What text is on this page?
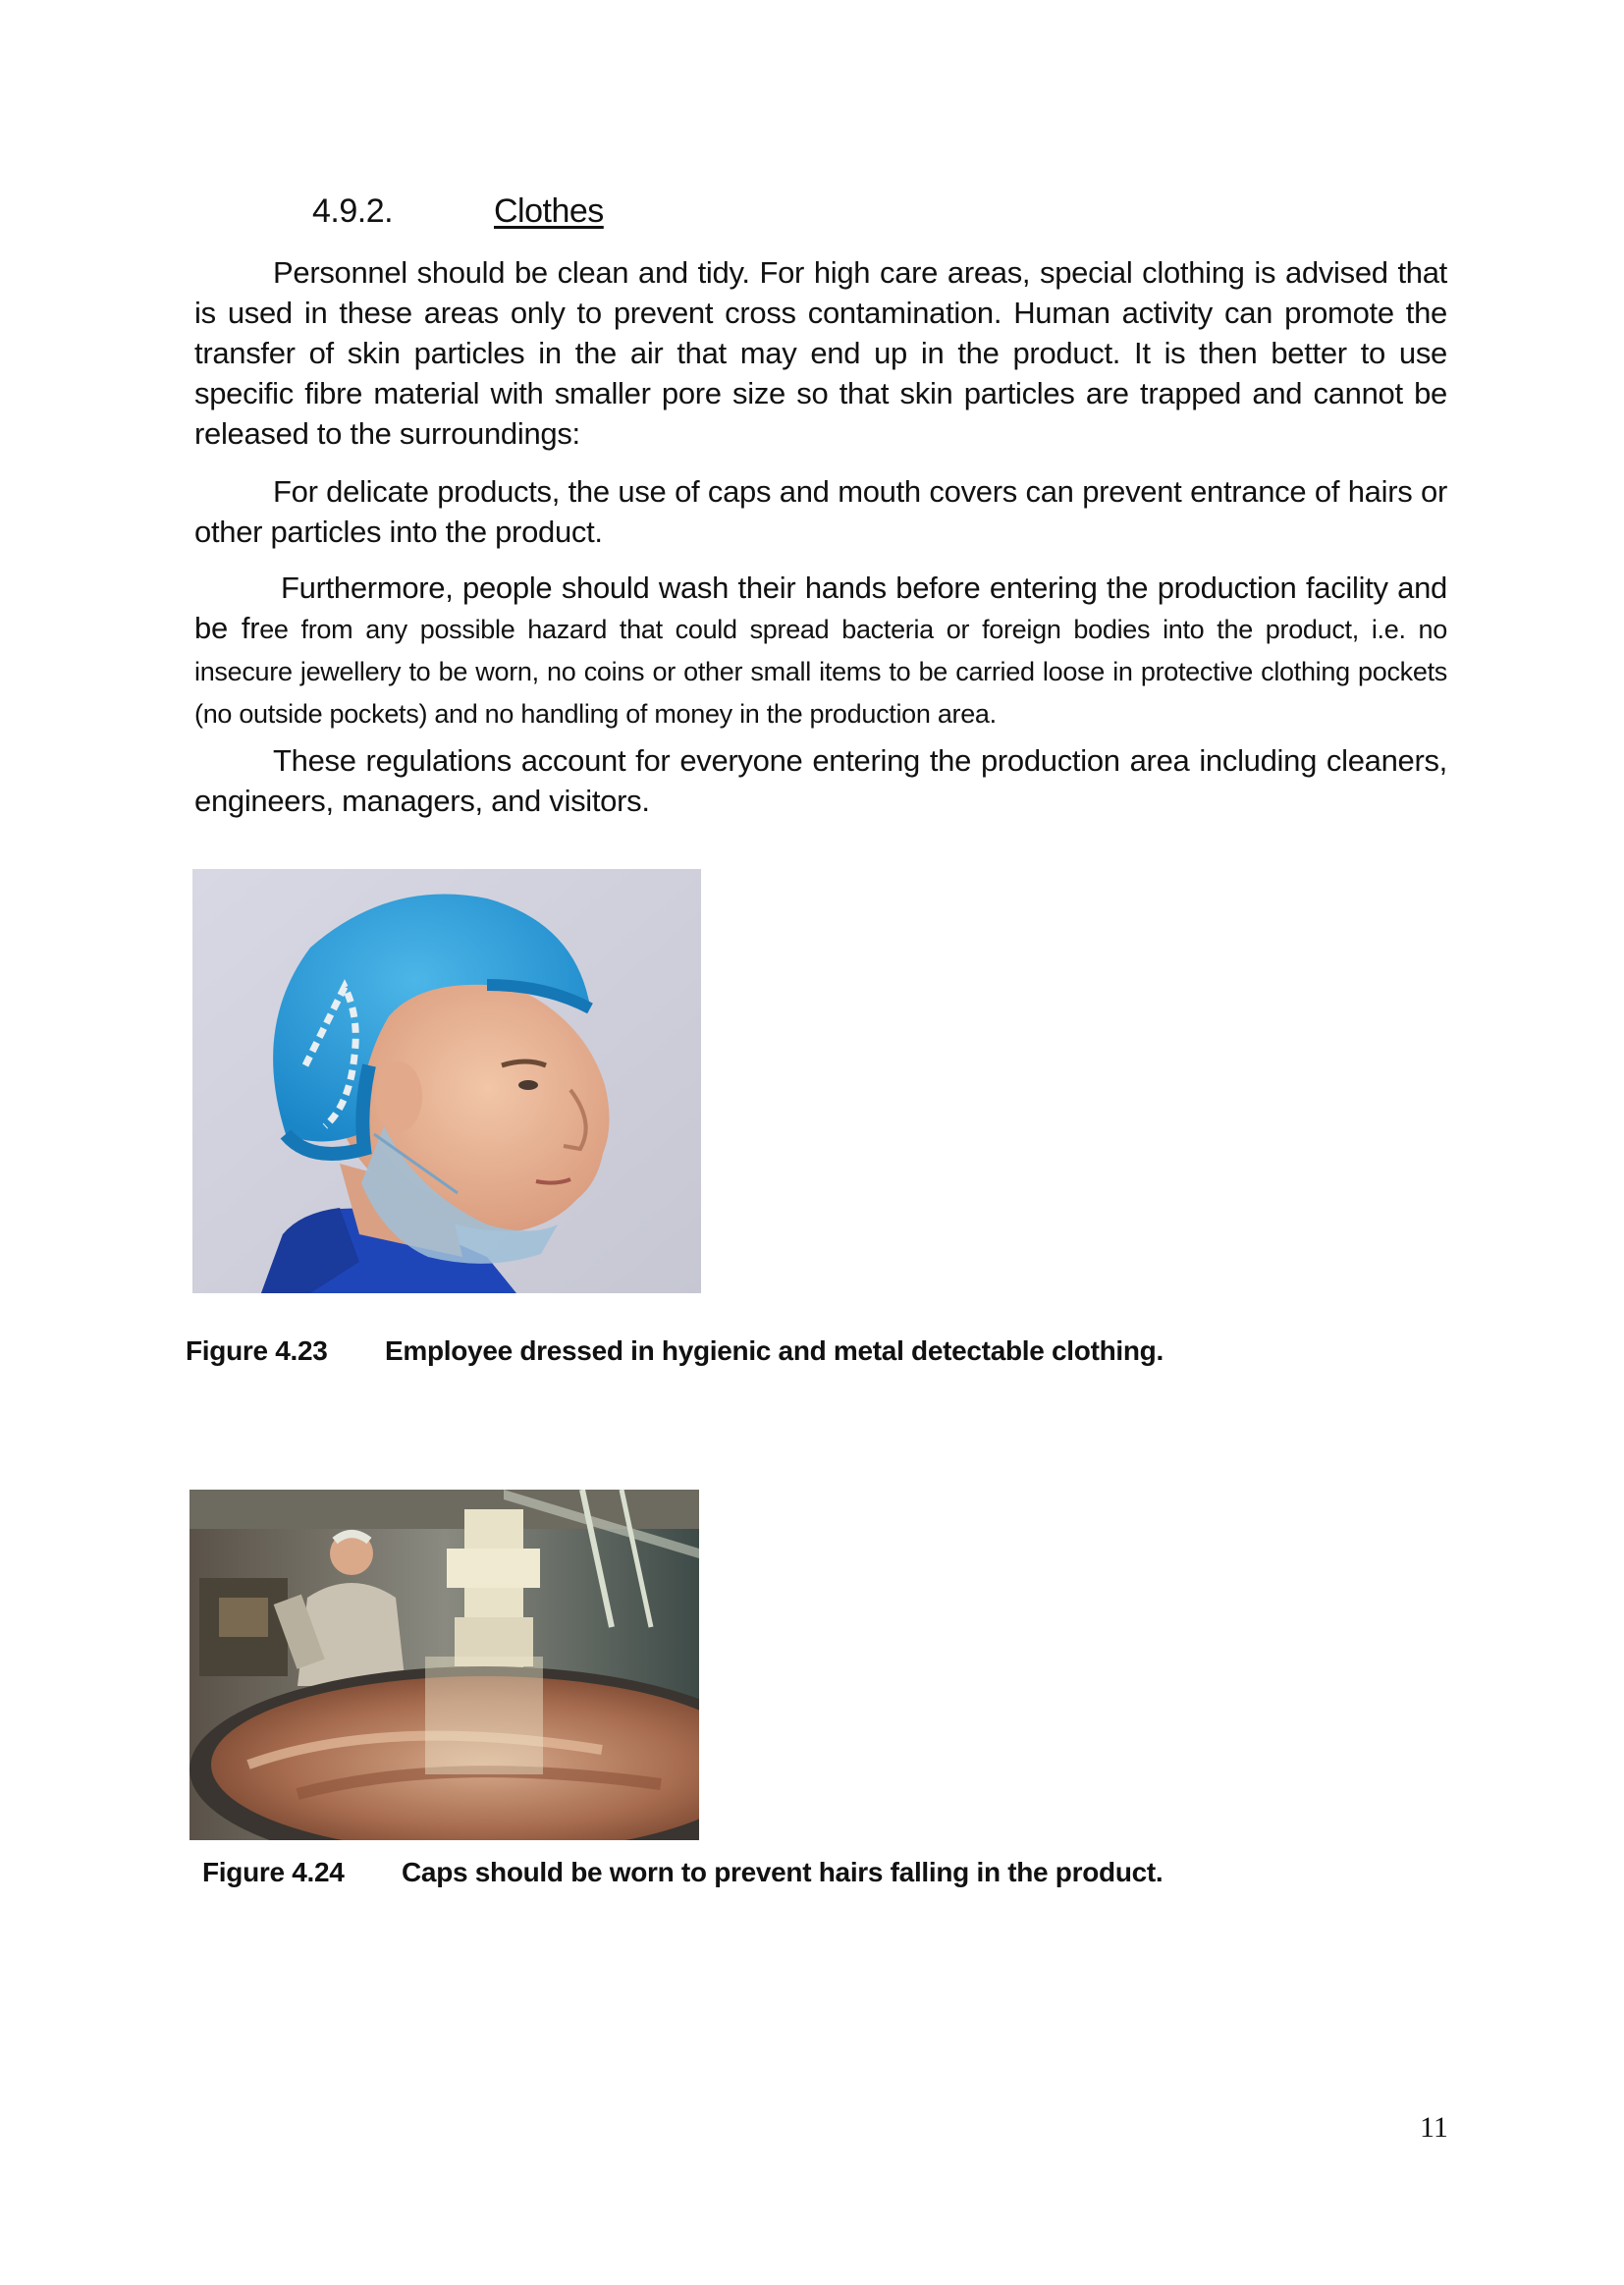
4.9.2.	Clothes

Personnel should be clean and tidy. For high care areas, special clothing is advised that is used in these areas only to prevent cross contamination. Human activity can promote the transfer of skin particles in the air that may end up in the product. It is then better to use specific fibre material with smaller pore size so that skin particles are trapped and cannot be released to the surroundings:

For delicate products, the use of caps and mouth covers can prevent entrance of hairs or other particles into the product.

Furthermore, people should wash their hands before entering the production facility and be free from any possible hazard that could spread bacteria or foreign bodies into the product, i.e. no insecure jewellery to be worn, no coins or other small items to be carried loose in protective clothing pockets (no outside pockets) and no handling of money in the production area.

These regulations account for everyone entering the production area including cleaners, engineers, managers, and visitors.

Figure 4.23 Employee dressed in hygienic and metal detectable clothing.
Figure 4.24 Caps should be worn to prevent hairs falling in the product.
11
